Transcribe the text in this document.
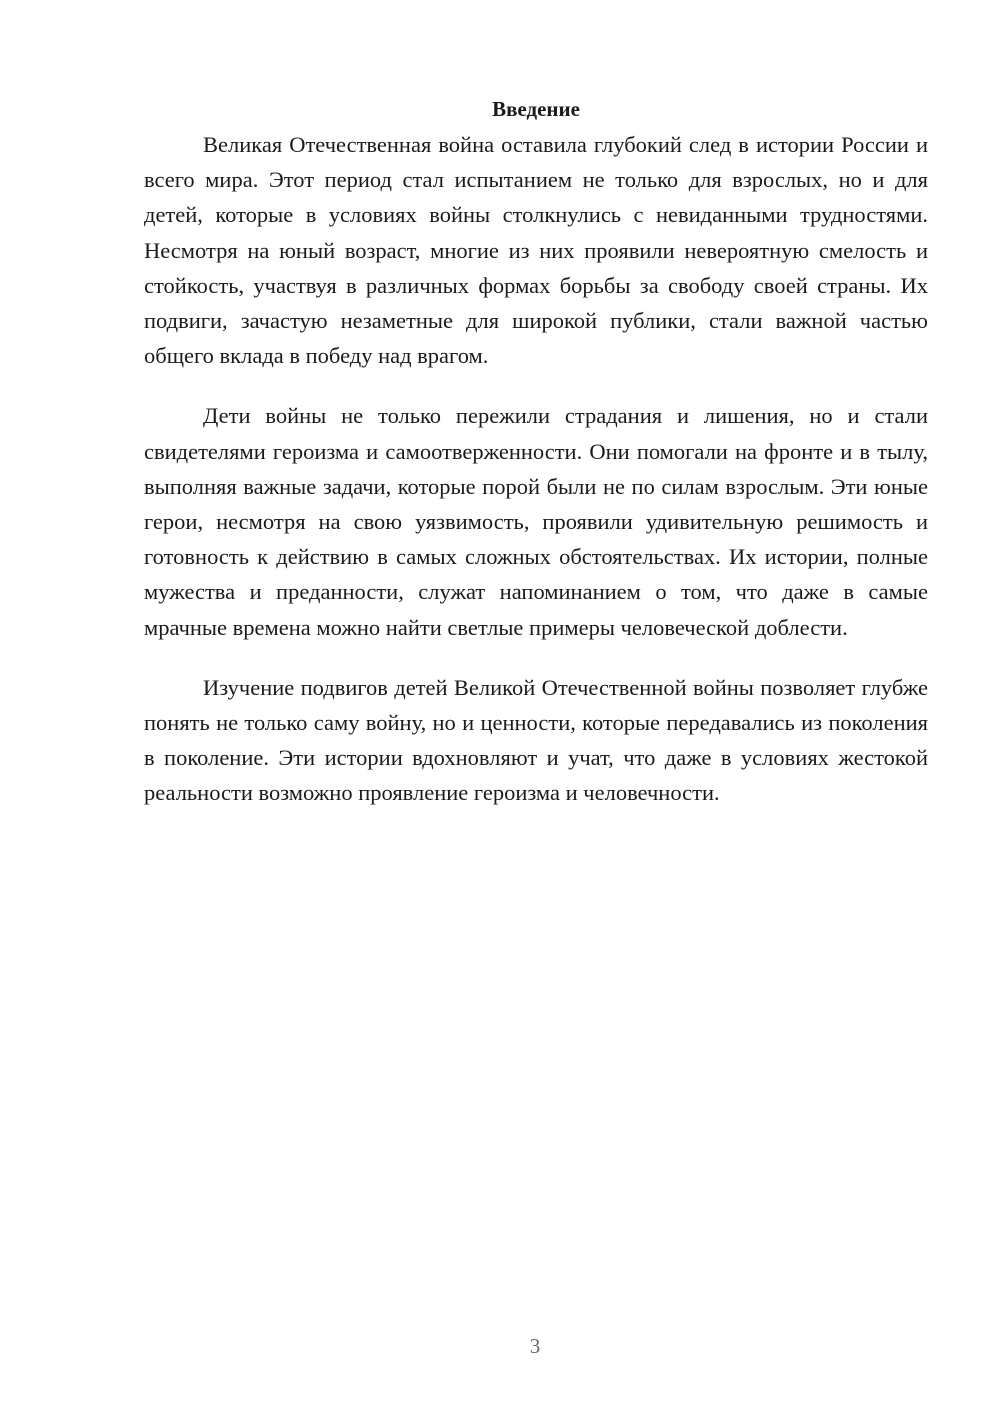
Введение

Великая Отечественная война оставила глубокий след в истории России и всего мира. Этот период стал испытанием не только для взрослых, но и для детей, которые в условиях войны столкнулись с невиданными трудностями. Несмотря на юный возраст, многие из них проявили невероятную смелость и стойкость, участвуя в различных формах борьбы за свободу своей страны. Их подвиги, зачастую незаметные для широкой публики, стали важной частью общего вклада в победу над врагом.

Дети войны не только пережили страдания и лишения, но и стали свидетелями героизма и самоотверженности. Они помогали на фронте и в тылу, выполняя важные задачи, которые порой были не по силам взрослым. Эти юные герои, несмотря на свою уязвимость, проявили удивительную решимость и готовность к действию в самых сложных обстоятельствах. Их истории, полные мужества и преданности, служат напоминанием о том, что даже в самые мрачные времена можно найти светлые примеры человеческой доблести.

Изучение подвигов детей Великой Отечественной войны позволяет глубже понять не только саму войну, но и ценности, которые передавались из поколения в поколение. Эти истории вдохновляют и учат, что даже в условиях жестокой реальности возможно проявление героизма и человечности.

3
